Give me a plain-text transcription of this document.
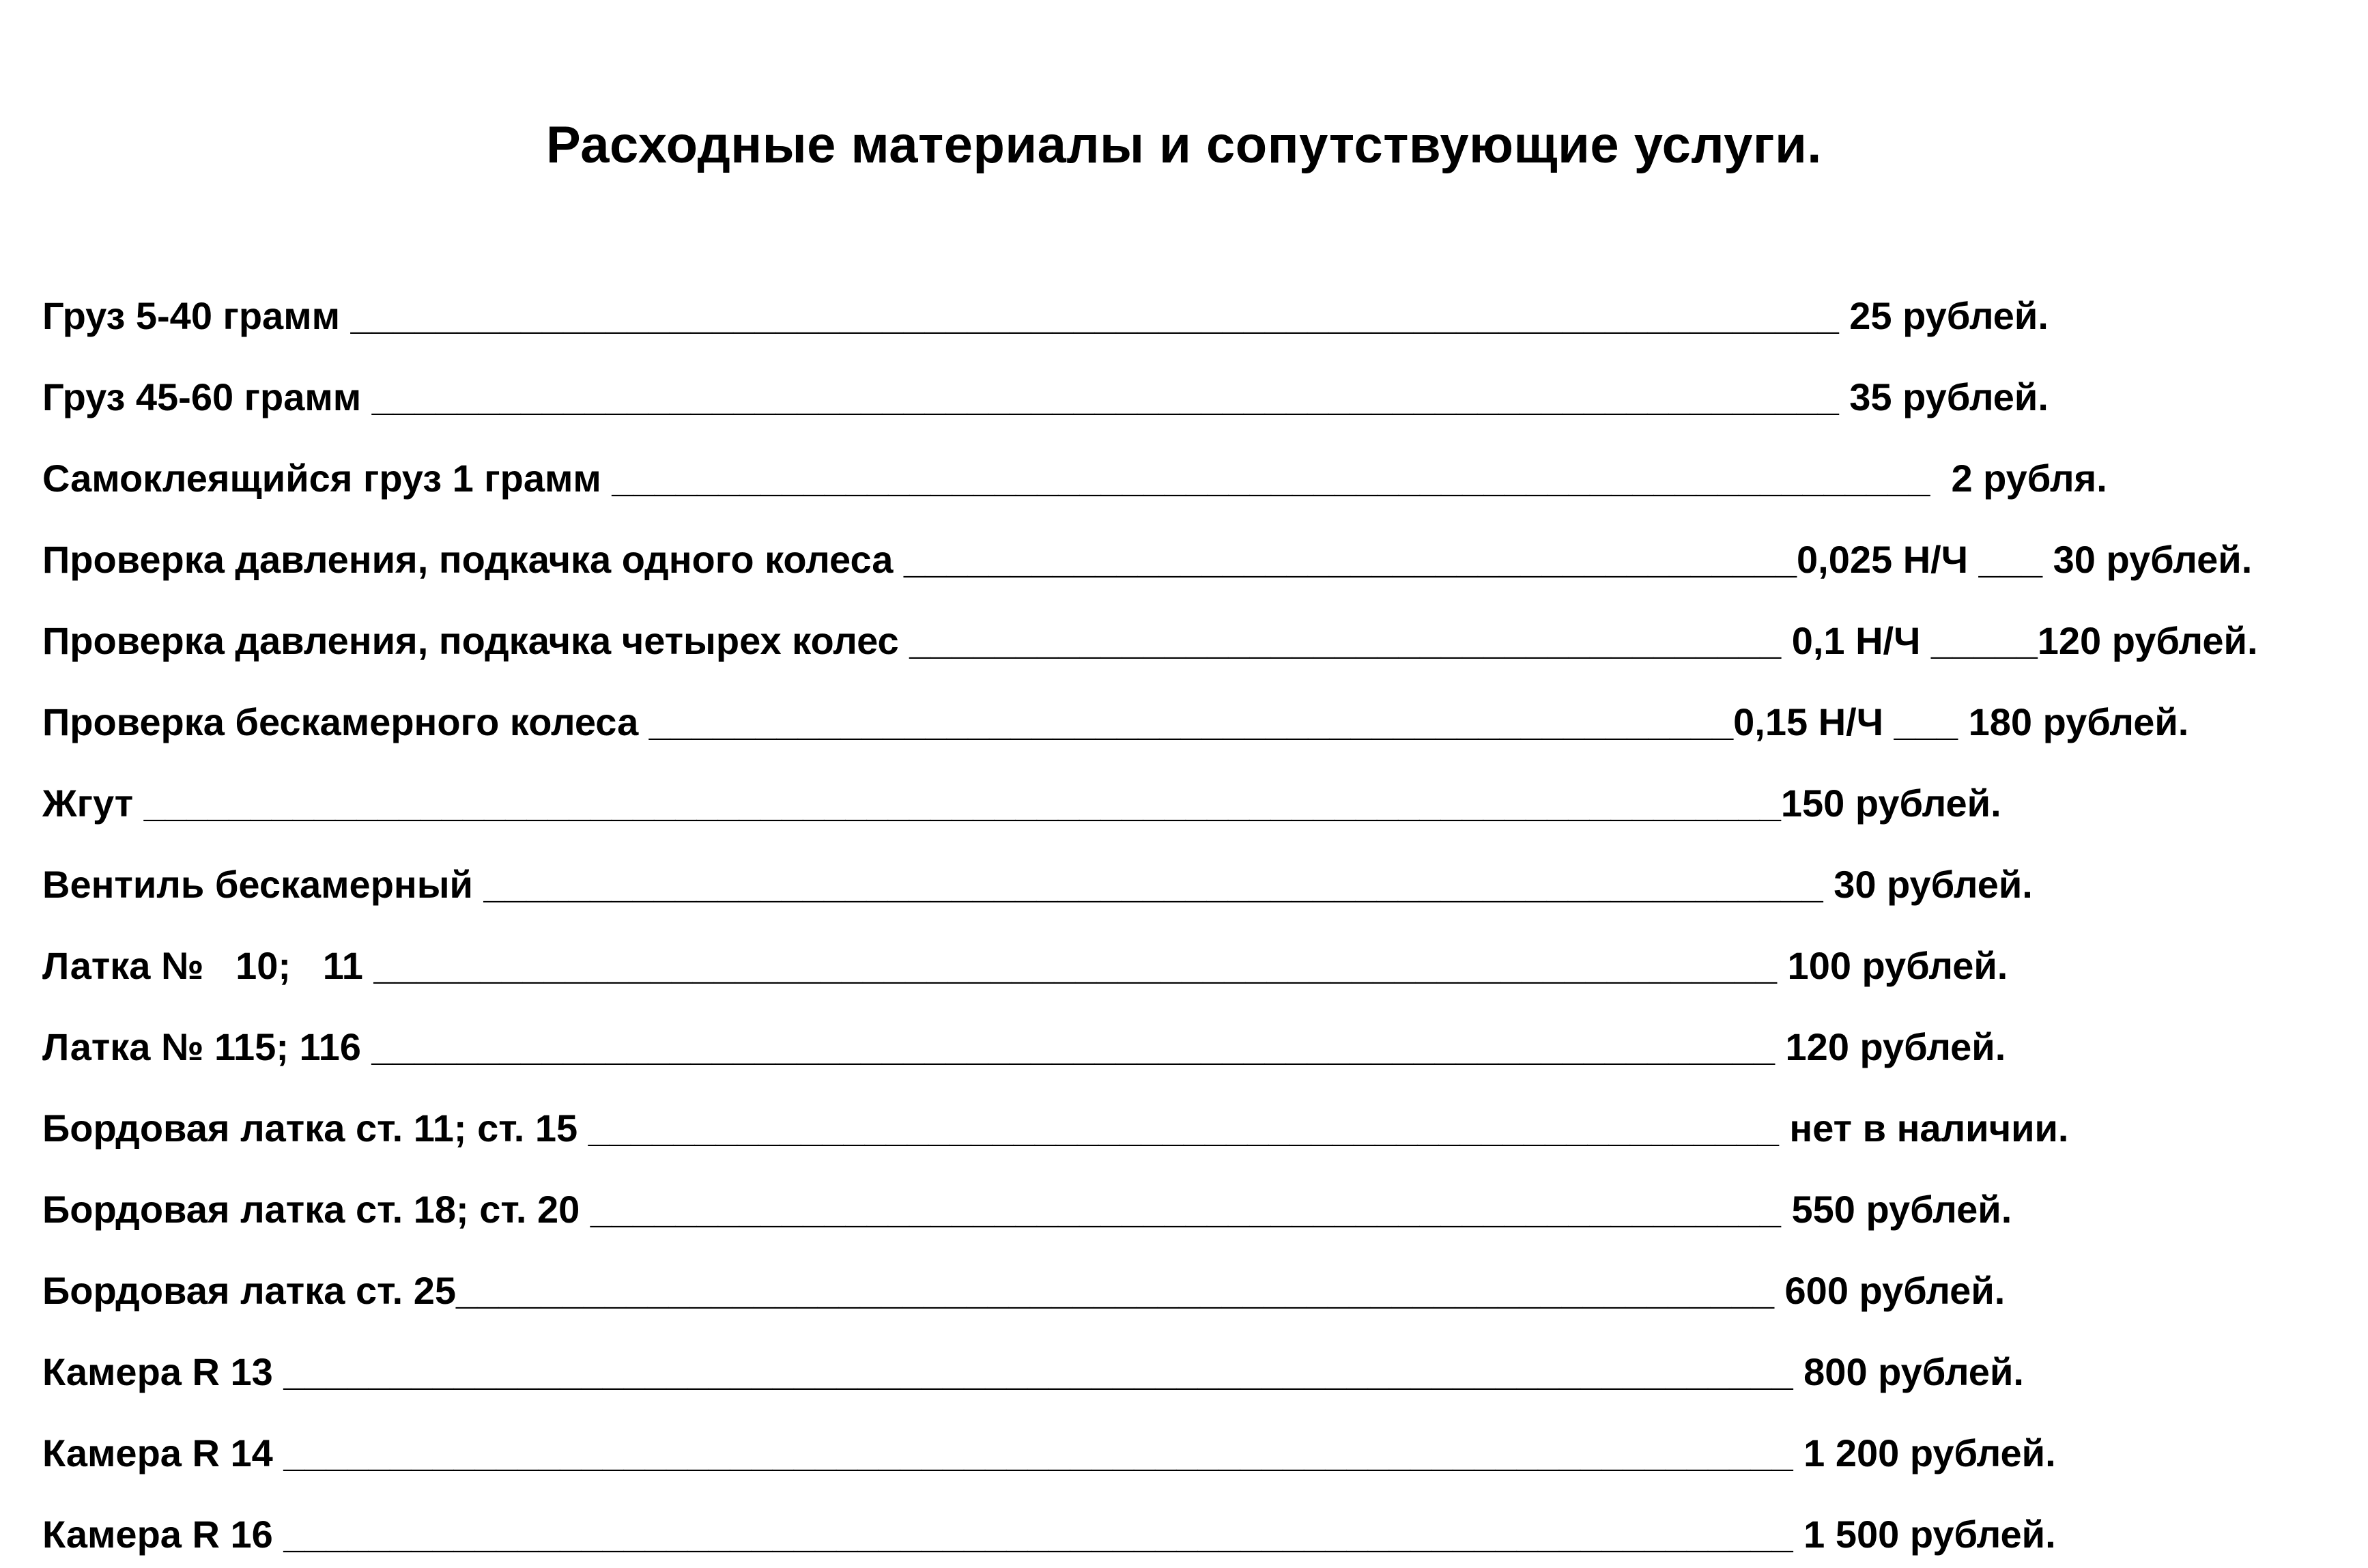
Расходные материалы и сопутствующие услуги.
Груз 5-40 грамм ______________________________________________________________________ 25 рублей.
Груз 45-60 грамм _____________________________________________________________________ 35 рублей.
Самоклеящийся груз 1 грамм ______________________________________________________________  2 рубля.
Проверка давления, подкачка одного колеса __________________________________________0,025 Н/Ч ___ 30 рублей.
Проверка давления, подкачка четырех колес _________________________________________ 0,1 Н/Ч _____120 рублей.
Проверка бескамерного колеса ___________________________________________________0,15 Н/Ч ___ 180 рублей.
Жгут _____________________________________________________________________________150 рублей.
Вентиль бескамерный _______________________________________________________________ 30 рублей.
Латка №   10;   11 __________________________________________________________________ 100 рублей.
Латка № 115; 116 __________________________________________________________________ 120 рублей.
Бордовая латка ст. 11; ст. 15 ________________________________________________________ нет в наличии.
Бордовая латка ст. 18; ст. 20 ________________________________________________________ 550 рублей.
Бордовая латка ст. 25______________________________________________________________ 600 рублей.
Камера R 13 _______________________________________________________________________ 800 рублей.
Камера R 14 _______________________________________________________________________ 1 200 рублей.
Камера R 16 _______________________________________________________________________ 1 500 рублей.
